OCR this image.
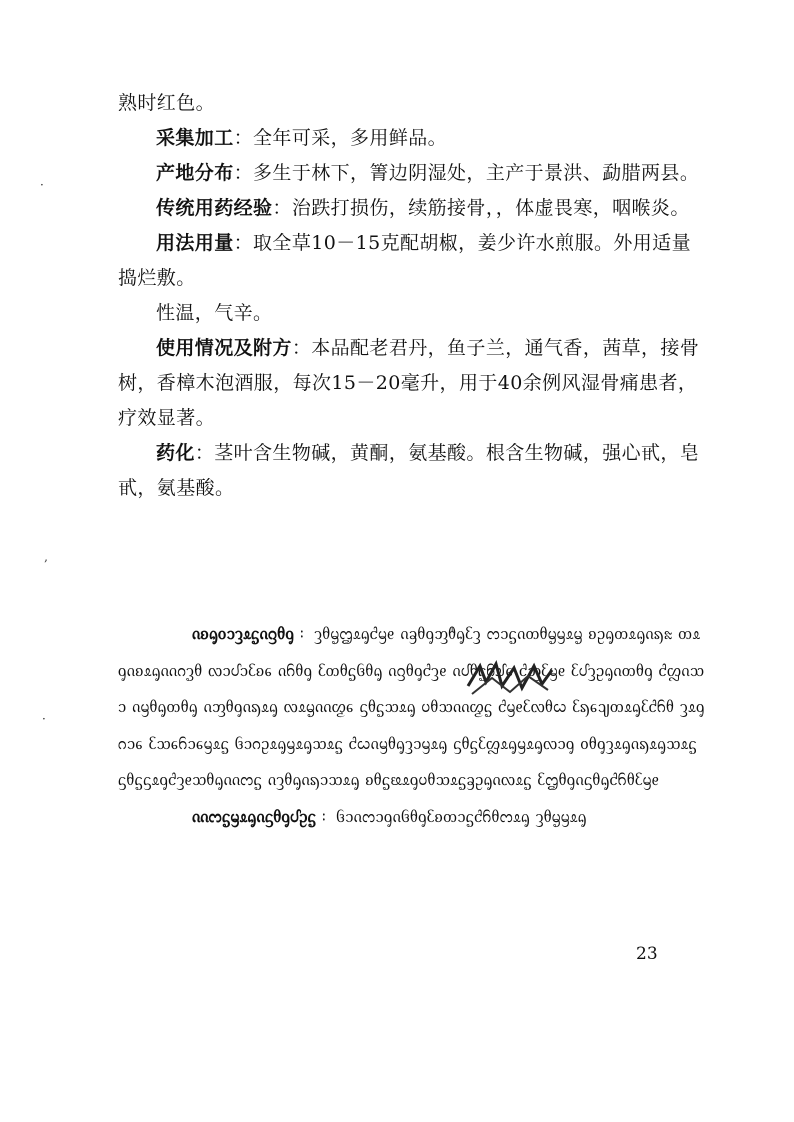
熟时红色。

采集加工：全年可采，多用鲜品。

产地分布：多生于林下，箐边阴湿处，主产于景洪、勐腊两县。

传统用药经验：治跌打损伤，续筋接骨，，体虚畏寒，咽喉炎。

用法用量：取全草10－15克配胡椒，姜少许水煎服。外用适量捣烂敷。

性温，气辛。

使用情况及附方：本品配老君丹，鱼子兰，通气香，茜草，接骨树，香樟木泡酒服，每次15－20毫升，用于40余例风湿骨痛患者，疗效显著。

药化：茎叶含生物碱，黄酮，氨基酸。根含生物碱，强心甙，皂甙，氨基酸。

ᦵᦈᧂᦞᦱᦡᦸᧃᦵᦋᦲᧁ ： ᦡᦲᧄᦗᦸᧂᦺᦙᧉ ᦵᦃᦲᧁᦀᦹᧂᦷᦡ ᦂᦱᧃᦵᦎᦲᧄᦙᦸᧄ ᦈᦳᧂᦎᦸᧂᦵᦣᦰ ᦎᦸᧁᦵᦈᦸᧂᦶᦅᧆᦲ ᦟᦱᦔᦱᦷᦈᧈ ᦵᦆᦲᧁ ᦷᦎᦲᧃᦑᦲᧂ ᦵᦋᦲᧁᦺᦡᧉ ᦵᦔᦲᧃᦆᦾᧈ ᦺᦀᦷᦙᧉ ᦷᦔᦡᦳᧂᦵᦎᦲᧁ ᦺᦜᦵᦉᦱ ᦵᦙᦲᧂᦎᦲᧂ ᦵᦀᦲᧁᦵᦣᦸᧂ ᦟᦸᧄᦶᦖᧈ ᦓᦲᧃᦉᦸᧂ ᦢᦲᦉᦶᦖᧃ ᦺᦙᧉᦷᦟᦲᦍ ᦷᦣᧈᦻᦎᦸᧂᦷᦺᦆᦲ ᦡᦸᧁᦅᦱᧈ ᦷᦉᧈᦆᦱᧈᦙᦸᧃ ᦑᦱᦅᦳᦸᧂᦙᦸᧂᦉᦸᧃ ᦺᦍᦵᦙᦲᧂᦡᦱᦙᦸᧂ ᦓᦲᧃᦷᦜᦸᧂᦙᦸᧂᦟᦱᧁ ᦞᦲᧁᦡᦸᧂᦵᦣᦸᧂᦉᦸᧃ ᦓᦲᧃᦓᦸᧁᦺᦡᧉᦉᦲᧂᦶᦂᧃ ᦵᦡᦲᧂᦵᦣᦱᦉᦸᧂ ᦈᦲᧃᦕᦸᧁᦢᦲᦉᦸᧃᦃᦳᧂᦵᦟᦸᧃ ᦷᦗᦲᧁᦵᦓᦲᧂᦺᦆᦲᦷᦙᧉ

ᦶᦂᧃᦙᦸᧂᦵᦓᦲᧁᦔᦳᧃ ： ᦑᦱᦵᦂᦱᧁᦵᦑᦲᧁᦷᦈᦎᦱᧃᦺᦆᦲᦂᦸᧂ ᦡᦲᧄᦙᦸᧂ

·
‚
·
23
